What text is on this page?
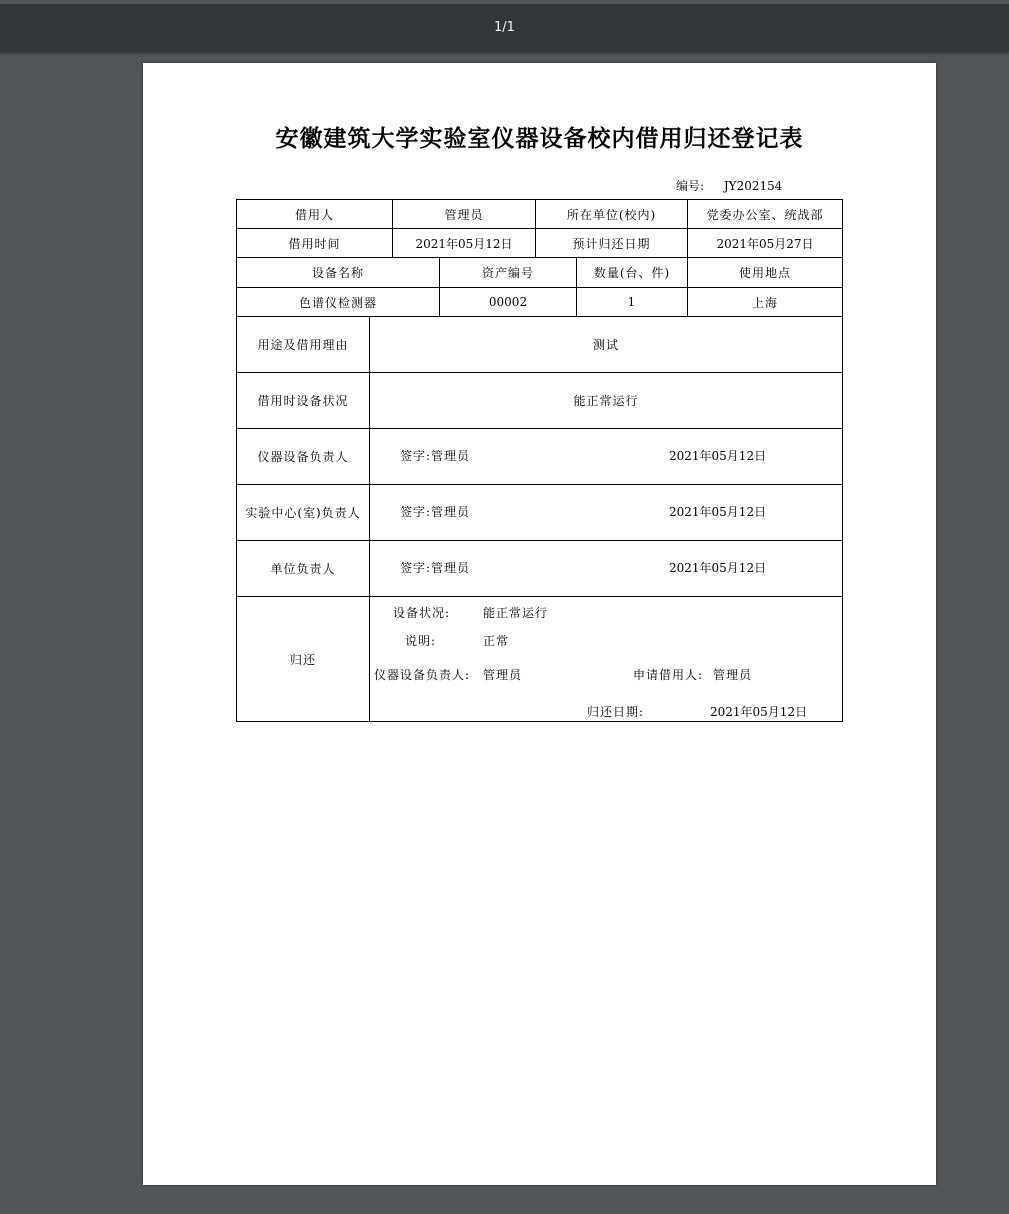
1/1
安徽建筑大学实验室仪器设备校内借用归还登记表
编号: JY202154
借用人	管理员	所在单位(校内)	党委办公室、统战部
借用时间	2021年05月12日	预计归还日期	2021年05月27日
设备名称	资产编号	数量(台、件)	使用地点
色谱仪检测器	00002	1	上海
用途及借用理由	测试
借用时设备状况	能正常运行
仪器设备负责人	签字:管理员	2021年05月12日
实验中心(室)负责人	签字:管理员	2021年05月12日
单位负责人	签字:管理员	2021年05月12日
归还
设备状况:	能正常运行
说明:	正常
仪器设备负责人: 管理员	申请借用人: 管理员
归还日期:	2021年05月12日
